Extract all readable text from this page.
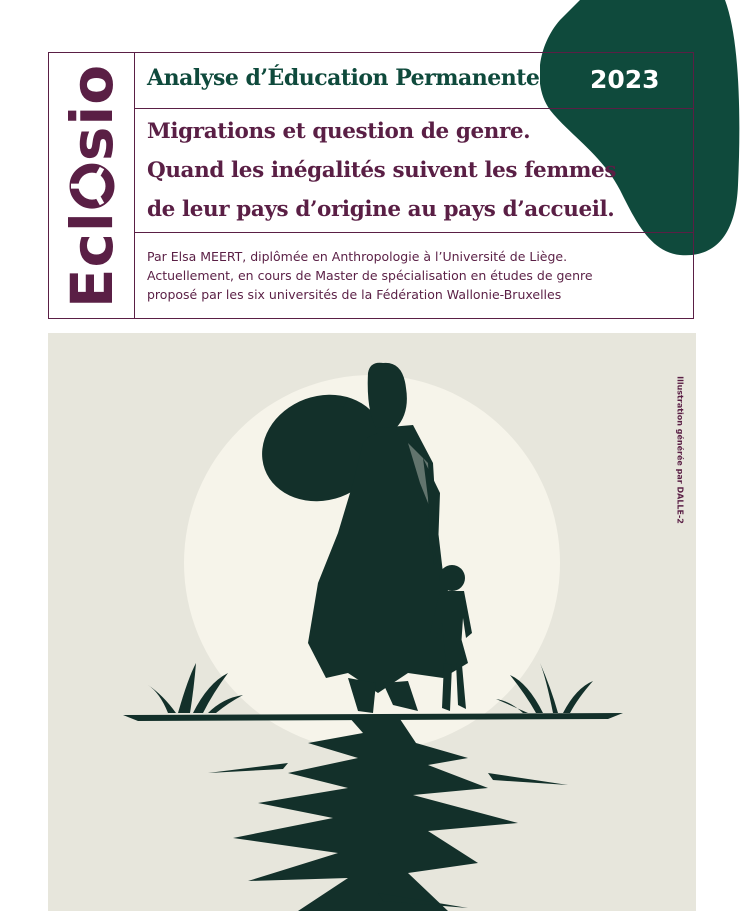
Ecl
sio Analyse d’Éducation Permanente 2023
Migrations et question de genre.
Quand les inégalités suivent les femmes
de leur pays d’origine au pays d’accueil.
Par Elsa MEERT, diplômée en Anthropologie à l’Université de Liège.
Actuellement, en cours de Master de spécialisation en études de genre
proposé par les six universités de la Fédération Wallonie-Bruxelles
Illustration générée par DALLE-2
